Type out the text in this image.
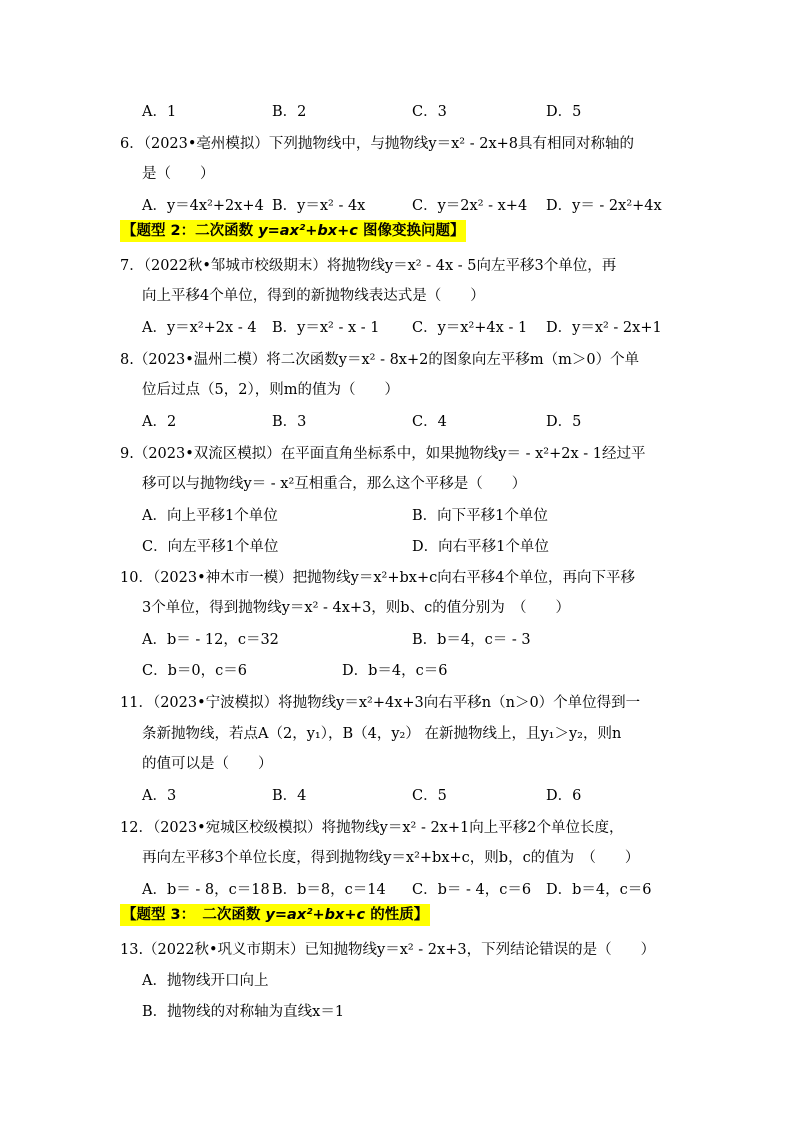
A．1	B．2	C．3	D．5
6．（2023•亳州模拟）下列抛物线中，与抛物线y＝x² - 2x+8具有相同对称轴的
是（　　）
A．y＝4x²+2x+4 B．y＝x² - 4x	C．y＝2x² - x+4 D．y＝ - 2x²+4x
【题型 2：二次函数 y=ax²+bx+c 图像变换问题】
7．（2022秋•邹城市校级期末）将抛物线y＝x² - 4x - 5向左平移3个单位，再
向上平移4个单位，得到的新抛物线表达式是（　　）
A．y＝x²+2x - 4 B．y＝x² - x - 1 C．y＝x²+4x - 1 D．y＝x² - 2x+1
8.（2023•温州二模）将二次函数y＝x² - 8x+2的图象向左平移m（m＞0）个单
位后过点（5，2），则m的值为（　　）
A．2	B．3	C．4	D．5
9.（2023•双流区模拟）在平面直角坐标系中，如果抛物线y＝ - x²+2x - 1经过平
移可以与抛物线y＝ - x²互相重合，那么这个平移是（　　）
A．向上平移1个单位	B．向下平移1个单位
C．向左平移1个单位	D．向右平移1个单位
10．（2023•神木市一模）把抛物线y＝x²+bx+c向右平移4个单位，再向下平移
3个单位，得到抛物线y＝x² - 4x+3，则b、c的值分别为　（　　）
A．b＝ - 12，c＝32	B．b＝4，c＝ - 3
C．b＝0，c＝6	D．b＝4，c＝6
11．（2023•宁波模拟）将抛物线y＝x²+4x+3向右平移n（n＞0）个单位得到一
条新抛物线，若点A（2，y₁），B（4，y₂） 在新抛物线上，且y₁＞y₂，则n
的值可以是（　　）
A．3	B．4	C．5	D．6
12．（2023•宛城区校级模拟）将抛物线y＝x² - 2x+1向上平移2个单位长度，
再向左平移3个单位长度，得到抛物线y＝x²+bx+c，则b，c的值为　（　　）
A．b＝ - 8，c＝18 B．b＝8，c＝14 C．b＝ - 4，c＝6 D．b＝4，c＝6
【题型 3：　二次函数 y=ax²+bx+c 的性质】
13.（2022秋•巩义市期末）已知抛物线y＝x² - 2x+3，下列结论错误的是（　　）
A．抛物线开口向上
B．抛物线的对称轴为直线x＝1
